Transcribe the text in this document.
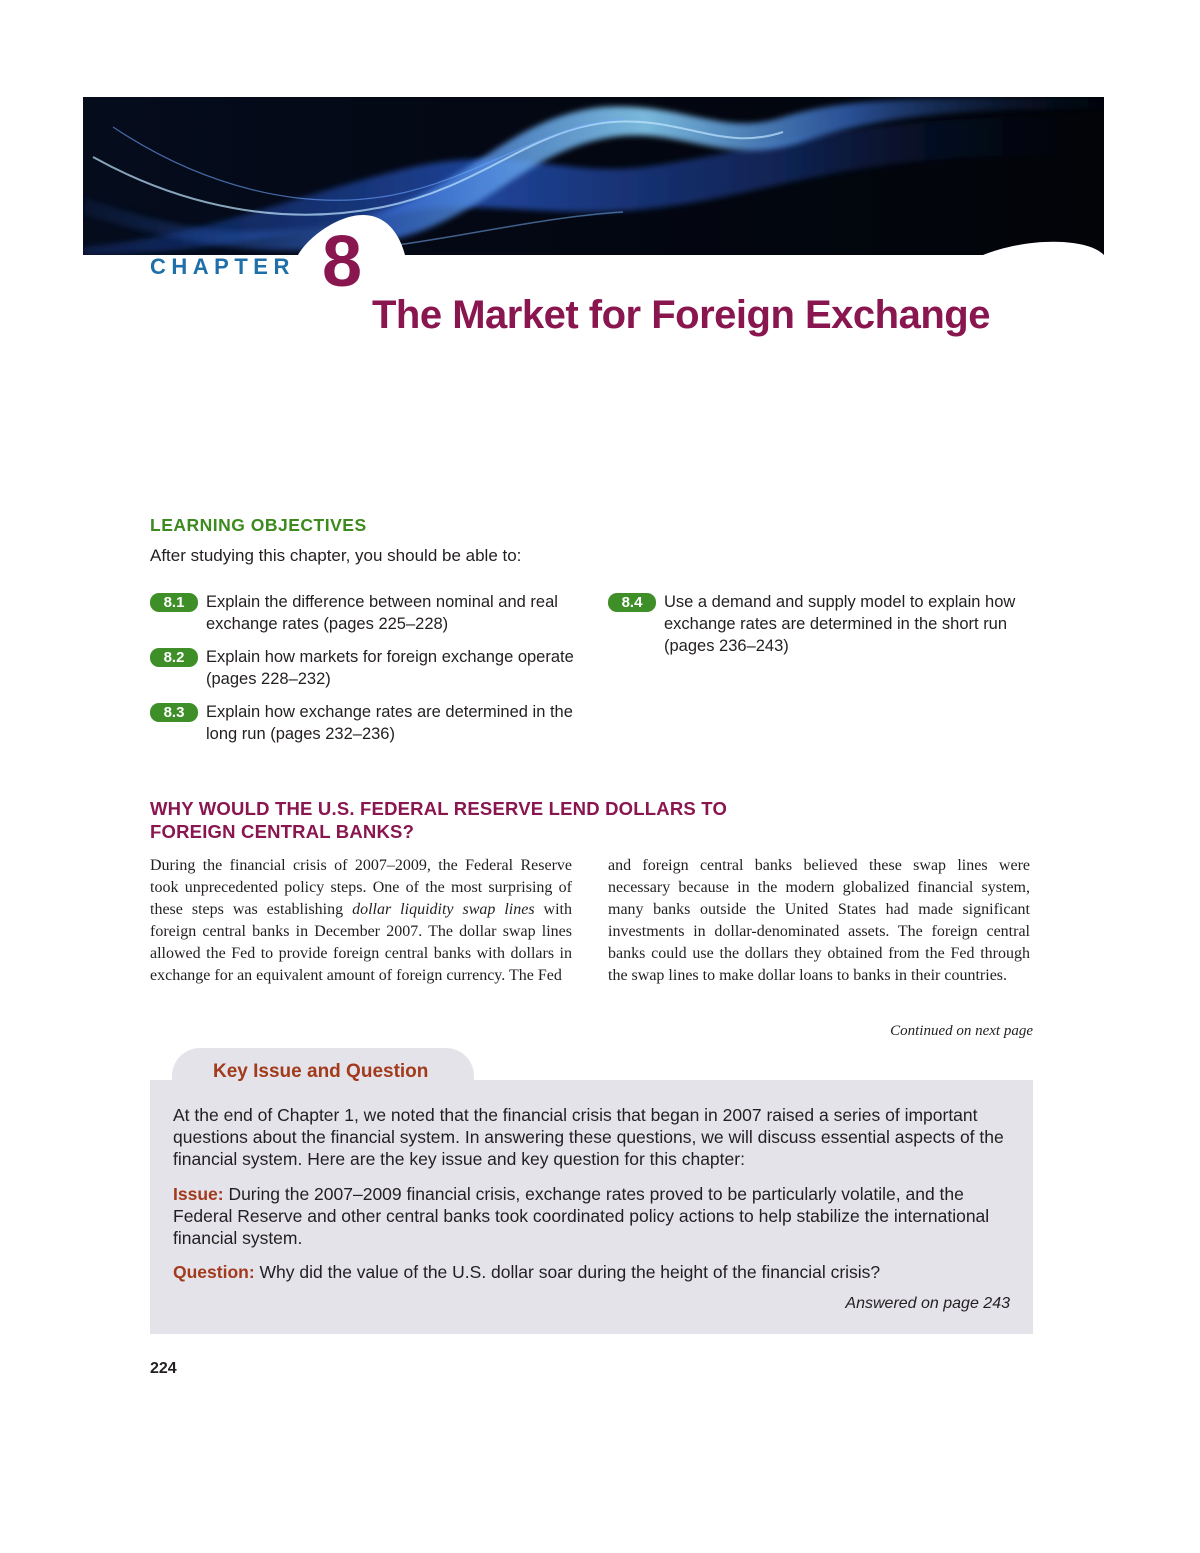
CHAPTER 8
The Market for Foreign Exchange
LEARNING OBJECTIVES
After studying this chapter, you should be able to:
8.1	Explain the difference between nominal and real exchange rates (pages 225–228)
8.2	Explain how markets for foreign exchange operate (pages 228–232)
8.3	Explain how exchange rates are determined in the long run (pages 232–236)
8.4	Use a demand and supply model to explain how exchange rates are determined in the short run (pages 236–243)
WHY WOULD THE U.S. FEDERAL RESERVE LEND DOLLARS TO
FOREIGN CENTRAL BANKS?
During the financial crisis of 2007–2009, the Federal Reserve took unprecedented policy steps. One of the most surprising of these steps was establishing dollar liquidity swap lines with foreign central banks in December 2007. The dollar swap lines allowed the Fed to provide foreign central banks with dollars in exchange for an equivalent amount of foreign currency. The Fed
and foreign central banks believed these swap lines were necessary because in the modern globalized financial system, many banks outside the United States had made significant investments in dollar-denominated assets. The foreign central banks could use the dollars they obtained from the Fed through the swap lines to make dollar loans to banks in their countries.
Continued on next page
Key Issue and Question
At the end of Chapter 1, we noted that the financial crisis that began in 2007 raised a series of important questions about the financial system. In answering these questions, we will discuss essential aspects of the financial system. Here are the key issue and key question for this chapter:
Issue: During the 2007–2009 financial crisis, exchange rates proved to be particularly volatile, and the Federal Reserve and other central banks took coordinated policy actions to help stabilize the international financial system.
Question: Why did the value of the U.S. dollar soar during the height of the financial crisis?
Answered on page 243
224
